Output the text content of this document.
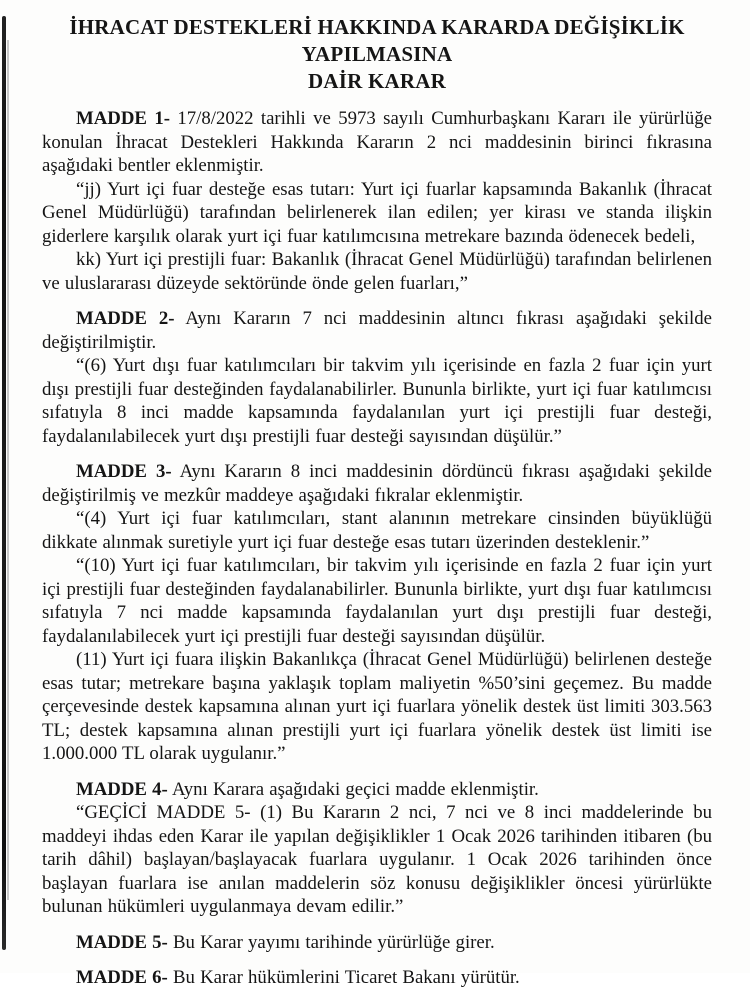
İHRACAT DESTEKLERİ HAKKINDA KARARDA DEĞİŞİKLİK YAPILMASINA
DAİR KARAR

MADDE 1- 17/8/2022 tarihli ve 5973 sayılı Cumhurbaşkanı Kararı ile yürürlüğe konulan İhracat Destekleri Hakkında Kararın 2 nci maddesinin birinci fıkrasına aşağıdaki bentler eklenmiştir.

“jj) Yurt içi fuar desteğe esas tutarı: Yurt içi fuarlar kapsamında Bakanlık (İhracat Genel Müdürlüğü) tarafından belirlenerek ilan edilen; yer kirası ve standa ilişkin giderlere karşılık olarak yurt içi fuar katılımcısına metrekare bazında ödenecek bedeli,

kk) Yurt içi prestijli fuar: Bakanlık (İhracat Genel Müdürlüğü) tarafından belirlenen ve uluslararası düzeyde sektöründe önde gelen fuarları,”

MADDE 2- Aynı Kararın 7 nci maddesinin altıncı fıkrası aşağıdaki şekilde değiştirilmiştir.

“(6) Yurt dışı fuar katılımcıları bir takvim yılı içerisinde en fazla 2 fuar için yurt dışı prestijli fuar desteğinden faydalanabilirler. Bununla birlikte, yurt içi fuar katılımcısı sıfatıyla 8 inci madde kapsamında faydalanılan yurt içi prestijli fuar desteği, faydalanılabilecek yurt dışı prestijli fuar desteği sayısından düşülür.”

MADDE 3- Aynı Kararın 8 inci maddesinin dördüncü fıkrası aşağıdaki şekilde değiştirilmiş ve mezkûr maddeye aşağıdaki fıkralar eklenmiştir.

“(4) Yurt içi fuar katılımcıları, stant alanının metrekare cinsinden büyüklüğü dikkate alınmak suretiyle yurt içi fuar desteğe esas tutarı üzerinden desteklenir.”

“(10) Yurt içi fuar katılımcıları, bir takvim yılı içerisinde en fazla 2 fuar için yurt içi prestijli fuar desteğinden faydalanabilirler. Bununla birlikte, yurt dışı fuar katılımcısı sıfatıyla 7 nci madde kapsamında faydalanılan yurt dışı prestijli fuar desteği, faydalanılabilecek yurt içi prestijli fuar desteği sayısından düşülür.

(11) Yurt içi fuara ilişkin Bakanlıkça (İhracat Genel Müdürlüğü) belirlenen desteğe esas tutar; metrekare başına yaklaşık toplam maliyetin %50’sini geçemez. Bu madde çerçevesinde destek kapsamına alınan yurt içi fuarlara yönelik destek üst limiti 303.563 TL; destek kapsamına alınan prestijli yurt içi fuarlara yönelik destek üst limiti ise 1.000.000 TL olarak uygulanır.”

MADDE 4- Aynı Karara aşağıdaki geçici madde eklenmiştir.

“GEÇİCİ MADDE 5- (1) Bu Kararın 2 nci, 7 nci ve 8 inci maddelerinde bu maddeyi ihdas eden Karar ile yapılan değişiklikler 1 Ocak 2026 tarihinden itibaren (bu tarih dâhil) başlayan/başlayacak fuarlara uygulanır. 1 Ocak 2026 tarihinden önce başlayan fuarlara ise anılan maddelerin söz konusu değişiklikler öncesi yürürlükte bulunan hükümleri uygulanmaya devam edilir.”

MADDE 5- Bu Karar yayımı tarihinde yürürlüğe girer.

MADDE 6- Bu Karar hükümlerini Ticaret Bakanı yürütür.
